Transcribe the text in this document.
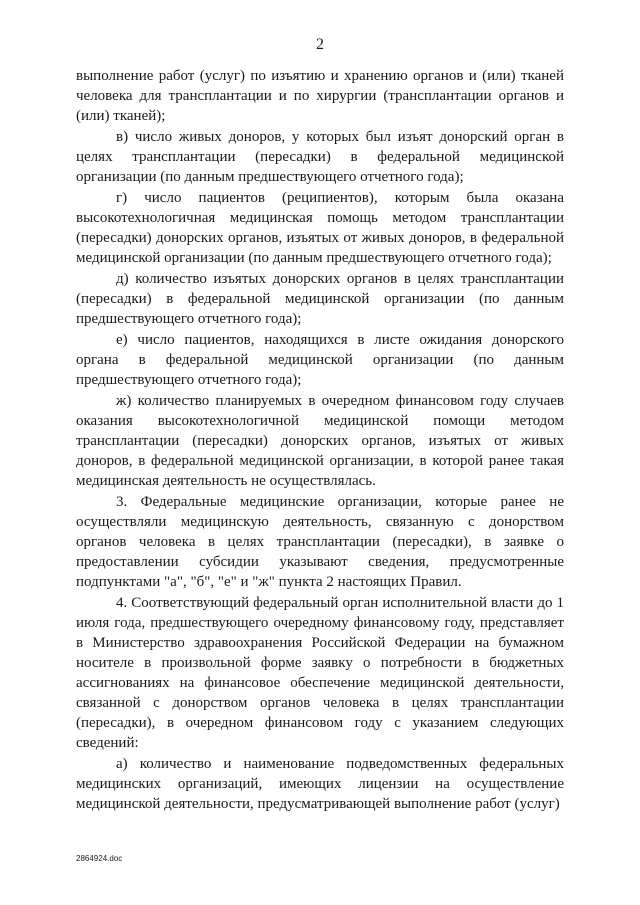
2

выполнение работ (услуг) по изъятию и хранению органов и (или) тканей человека для трансплантации и по хирургии (трансплантации органов и (или) тканей);

в) число живых доноров, у которых был изъят донорский орган в целях трансплантации (пересадки) в федеральной медицинской организации (по данным предшествующего отчетного года);

г) число пациентов (реципиентов), которым была оказана высокотехнологичная медицинская помощь методом трансплантации (пересадки) донорских органов, изъятых от живых доноров, в федеральной медицинской организации (по данным предшествующего отчетного года);

д) количество изъятых донорских органов в целях трансплантации (пересадки) в федеральной медицинской организации (по данным предшествующего отчетного года);

е) число пациентов, находящихся в листе ожидания донорского органа в федеральной медицинской организации (по данным предшествующего отчетного года);

ж) количество планируемых в очередном финансовом году случаев оказания высокотехнологичной медицинской помощи методом трансплантации (пересадки) донорских органов, изъятых от живых доноров, в федеральной медицинской организации, в которой ранее такая медицинская деятельность не осуществлялась.

3. Федеральные медицинские организации, которые ранее не осуществляли медицинскую деятельность, связанную с донорством органов человека в целях трансплантации (пересадки), в заявке о предоставлении субсидии указывают сведения, предусмотренные подпунктами "а", "б", "е" и "ж" пункта 2 настоящих Правил.

4. Соответствующий федеральный орган исполнительной власти до 1 июля года, предшествующего очередному финансовому году, представляет в Министерство здравоохранения Российской Федерации на бумажном носителе в произвольной форме заявку о потребности в бюджетных ассигнованиях на финансовое обеспечение медицинской деятельности, связанной с донорством органов человека в целях трансплантации (пересадки), в очередном финансовом году с указанием следующих сведений:

а) количество и наименование подведомственных федеральных медицинских организаций, имеющих лицензии на осуществление медицинской деятельности, предусматривающей выполнение работ (услуг)

2864924.doc
